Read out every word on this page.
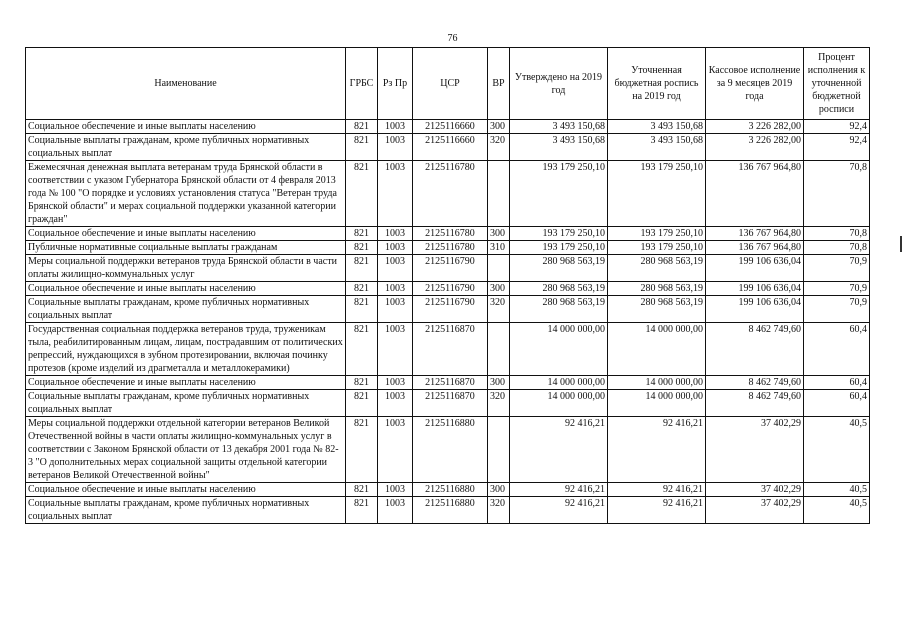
76
Наименование	ГРБС	Рз Пр	ЦСР	ВР	Утверждено на 2019 год	Уточненная бюджетная роспись на 2019 год	Кассовое исполнение за 9 месяцев 2019 года	Процент исполнения к уточненной бюджетной росписи
Социальное обеспечение и иные выплаты населению	821	1003	2125116660	300	3 493 150,68	3 493 150,68	3 226 282,00	92,4
Социальные выплаты гражданам, кроме публичных нормативных социальных выплат	821	1003	2125116660	320	3 493 150,68	3 493 150,68	3 226 282,00	92,4
Ежемесячная денежная выплата ветеранам труда Брянской области в соответствии с указом Губернатора Брянской области от 4 февраля 2013 года № 100 "О порядке и условиях установления статуса "Ветеран труда Брянской области" и мерах социальной поддержки указанной категории граждан"	821	1003	2125116780		193 179 250,10	193 179 250,10	136 767 964,80	70,8
Социальное обеспечение и иные выплаты населению	821	1003	2125116780	300	193 179 250,10	193 179 250,10	136 767 964,80	70,8
Публичные нормативные социальные выплаты гражданам	821	1003	2125116780	310	193 179 250,10	193 179 250,10	136 767 964,80	70,8
Меры социальной поддержки ветеранов труда Брянской области в части оплаты жилищно-коммунальных услуг	821	1003	2125116790		280 968 563,19	280 968 563,19	199 106 636,04	70,9
Социальное обеспечение и иные выплаты населению	821	1003	2125116790	300	280 968 563,19	280 968 563,19	199 106 636,04	70,9
Социальные выплаты гражданам, кроме публичных нормативных социальных выплат	821	1003	2125116790	320	280 968 563,19	280 968 563,19	199 106 636,04	70,9
Государственная социальная поддержка ветеранов труда, труженикам тыла, реабилитированным лицам, лицам, пострадавшим от политических репрессий, нуждающихся в зубном протезировании, включая починку протезов (кроме изделий из драгметалла и металлокерамики)	821	1003	2125116870		14 000 000,00	14 000 000,00	8 462 749,60	60,4
Социальное обеспечение и иные выплаты населению	821	1003	2125116870	300	14 000 000,00	14 000 000,00	8 462 749,60	60,4
Социальные выплаты гражданам, кроме публичных нормативных социальных выплат	821	1003	2125116870	320	14 000 000,00	14 000 000,00	8 462 749,60	60,4
Меры социальной поддержки отдельной категории ветеранов Великой Отечественной войны в части оплаты жилищно-коммунальных услуг в соответствии с Законом Брянской области от 13 декабря 2001 года № 82-3 "О дополнительных мерах социальной защиты отдельной категории ветеранов Великой Отечественной войны"	821	1003	2125116880		92 416,21	92 416,21	37 402,29	40,5
Социальное обеспечение и иные выплаты населению	821	1003	2125116880	300	92 416,21	92 416,21	37 402,29	40,5
Социальные выплаты гражданам, кроме публичных нормативных социальных выплат	821	1003	2125116880	320	92 416,21	92 416,21	37 402,29	40,5
